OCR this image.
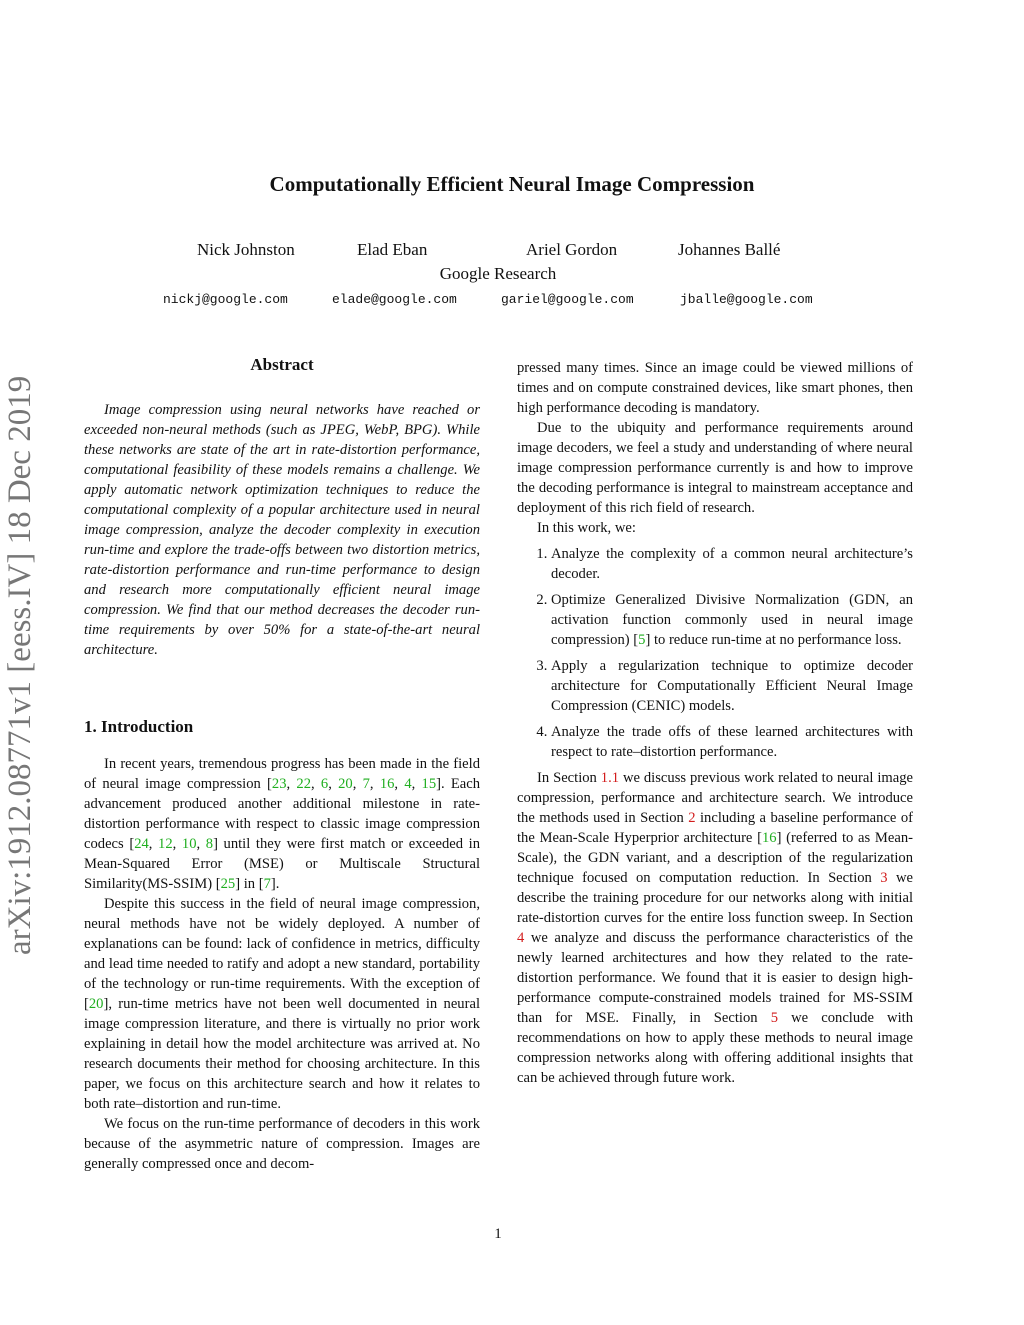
Computationally Efficient Neural Image Compression
Nick Johnston	Elad Eban	Ariel Gordon	Johannes Ballé
Google Research
nickj@google.com	elade@google.com	gariel@google.com	jballe@google.com
arXiv:1912.08771v1 [eess.IV] 18 Dec 2019
Abstract

Image compression using neural networks have reached or exceeded non-neural methods (such as JPEG, WebP, BPG). While these networks are state of the art in rate-distortion performance, computational feasibility of these models remains a challenge. We apply automatic network optimization techniques to reduce the computational complexity of a popular architecture used in neural image compression, analyze the decoder complexity in execution run-time and explore the trade-offs between two distortion metrics, rate-distortion performance and run-time performance to design and research more computationally efficient neural image compression. We find that our method decreases the decoder run-time requirements by over 50% for a state-of-the-art neural architecture.

1. Introduction

In recent years, tremendous progress has been made in the field of neural image compression [23, 22, 6, 20, 7, 16, 4, 15]. Each advancement produced another additional milestone in rate-distortion performance with respect to classic image compression codecs [24, 12, 10, 8] until they were first match or exceeded in Mean-Squared Error (MSE) or Multiscale Structural Similarity(MS-SSIM) [25] in [7].

Despite this success in the field of neural image compression, neural methods have not be widely deployed. A number of explanations can be found: lack of confidence in metrics, difficulty and lead time needed to ratify and adopt a new standard, portability of the technology or run-time requirements. With the exception of [20], run-time metrics have not been well documented in neural image compression literature, and there is virtually no prior work explaining in detail how the model architecture was arrived at. No research documents their method for choosing architecture. In this paper, we focus on this architecture search and how it relates to both rate–distortion and run-time.

We focus on the run-time performance of decoders in this work because of the asymmetric nature of compression. Images are generally compressed once and decom-

pressed many times. Since an image could be viewed millions of times and on compute constrained devices, like smart phones, then high performance decoding is mandatory.

Due to the ubiquity and performance requirements around image decoders, we feel a study and understanding of where neural image compression performance currently is and how to improve the decoding performance is integral to mainstream acceptance and deployment of this rich field of research.

In this work, we:

1. Analyze the complexity of a common neural architecture’s decoder.
2. Optimize Generalized Divisive Normalization (GDN, an activation function commonly used in neural image compression) [5] to reduce run-time at no performance loss.
3. Apply a regularization technique to optimize decoder architecture for Computationally Efficient Neural Image Compression (CENIC) models.
4. Analyze the trade offs of these learned architectures with respect to rate–distortion performance.

In Section 1.1 we discuss previous work related to neural image compression, performance and architecture search. We introduce the methods used in Section 2 including a baseline performance of the Mean-Scale Hyperprior architecture [16] (referred to as Mean-Scale), the GDN variant, and a description of the regularization technique focused on computation reduction. In Section 3 we describe the training procedure for our networks along with initial rate-distortion curves for the entire loss function sweep. In Section 4 we analyze and discuss the performance characteristics of the newly learned architectures and how they related to the rate-distortion performance. We found that it is easier to design high-performance compute-constrained models trained for MS-SSIM than for MSE. Finally, in Section 5 we conclude with recommendations on how to apply these methods to neural image compression networks along with offering additional insights that can be achieved through future work.

1
